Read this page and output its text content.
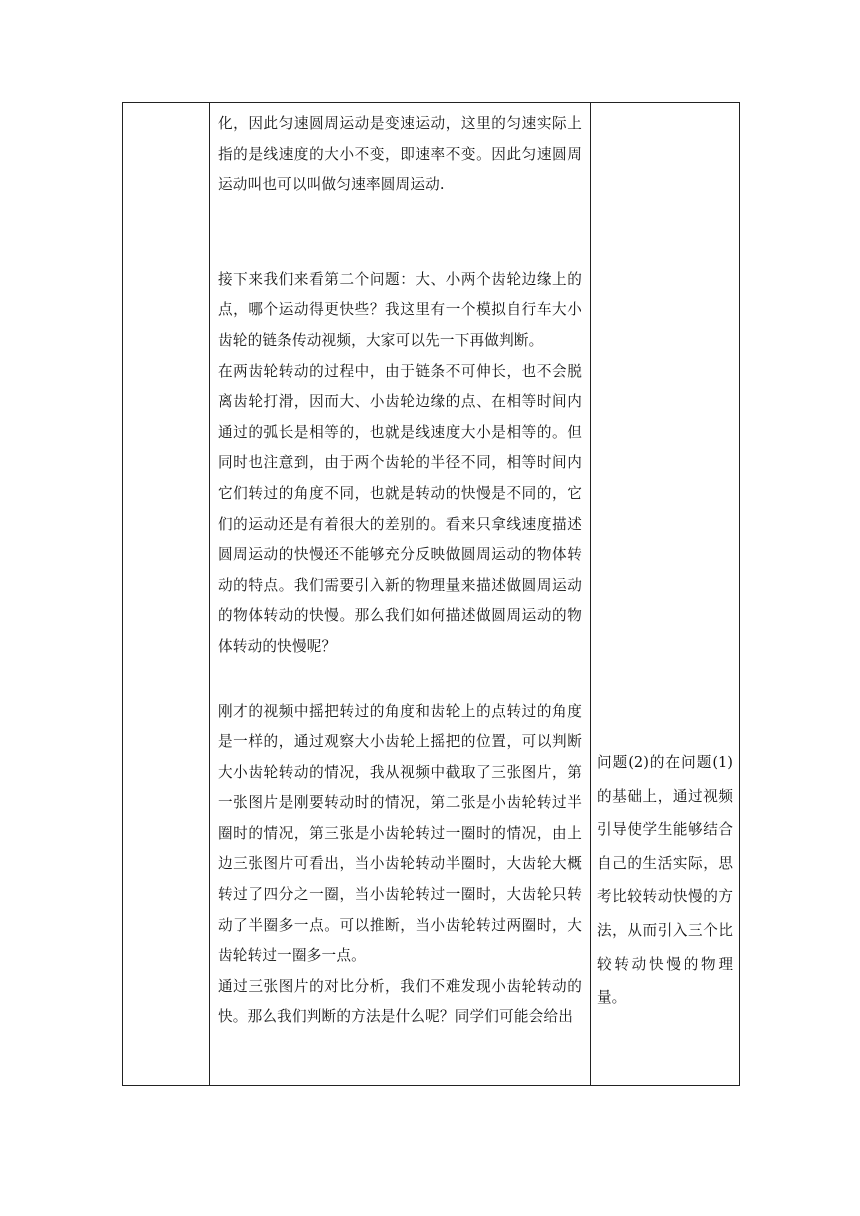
化，因此匀速圆周运动是变速运动，这里的匀速实际上指的是线速度的大小不变，即速率不变。因此匀速圆周运动叫也可以叫做匀速率圆周运动.

接下来我们来看第二个问题：大、小两个齿轮边缘上的点，哪个运动得更快些？我这里有一个模拟自行车大小齿轮的链条传动视频，大家可以先一下再做判断。

在两齿轮转动的过程中，由于链条不可伸长，也不会脱离齿轮打滑，因而大、小齿轮边缘的点、在相等时间内通过的弧长是相等的，也就是线速度大小是相等的。但同时也注意到，由于两个齿轮的半径不同，相等时间内它们转过的角度不同，也就是转动的快慢是不同的，它们的运动还是有着很大的差别的。看来只拿线速度描述圆周运动的快慢还不能够充分反映做圆周运动的物体转动的特点。我们需要引入新的物理量来描述做圆周运动的物体转动的快慢。那么我们如何描述做圆周运动的物体转动的快慢呢？

刚才的视频中摇把转过的角度和齿轮上的点转过的角度是一样的，通过观察大小齿轮上摇把的位置，可以判断大小齿轮转动的情况，我从视频中截取了三张图片，第一张图片是刚要转动时的情况，第二张是小齿轮转过半圈时的情况，第三张是小齿轮转过一圈时的情况，由上边三张图片可看出，当小齿轮转动半圈时，大齿轮大概转过了四分之一圈，当小齿轮转过一圈时，大齿轮只转动了半圈多一点。可以推断，当小齿轮转过两圈时，大齿轮转过一圈多一点。

通过三张图片的对比分析，我们不难发现小齿轮转动的快。那么我们判断的方法是什么呢？同学们可能会给出

问题(2)的在问题(1)的基础上，通过视频引导使学生能够结合自己的生活实际，思考比较转动快慢的方法，从而引入三个比较转动快慢的物理量。
